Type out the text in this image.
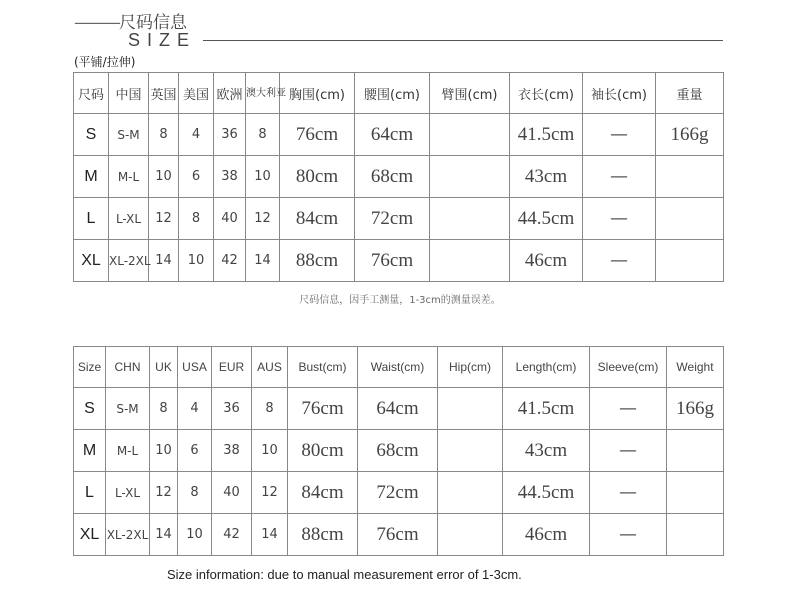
———尺码信息
SIZE
(平铺/拉伸)
尺码	中国	英国	美国	欧洲	澳大利亚	胸围(cm)	腰围(cm)	臂围(cm)	衣长(cm)	袖长(cm)	重量
S	S-M	8	4	36	8	76cm	64cm		41.5cm	—	166g
M	M-L	10	6	38	10	80cm	68cm		43cm	—	
L	L-XL	12	8	40	12	84cm	72cm		44.5cm	—	
XL	XL-2XL	14	10	42	14	88cm	76cm		46cm	—	
尺码信息，因手工测量，1-3cm的测量误差。
Size	CHN	UK	USA	EUR	AUS	Bust(cm)	Waist(cm)	Hip(cm)	Length(cm)	Sleeve(cm)	Weight
S	S-M	8	4	36	8	76cm	64cm		41.5cm	—	166g
M	M-L	10	6	38	10	80cm	68cm		43cm	—	
L	L-XL	12	8	40	12	84cm	72cm		44.5cm	—	
XL	XL-2XL	14	10	42	14	88cm	76cm		46cm	—	
Size information: due to manual measurement error of 1-3cm.
